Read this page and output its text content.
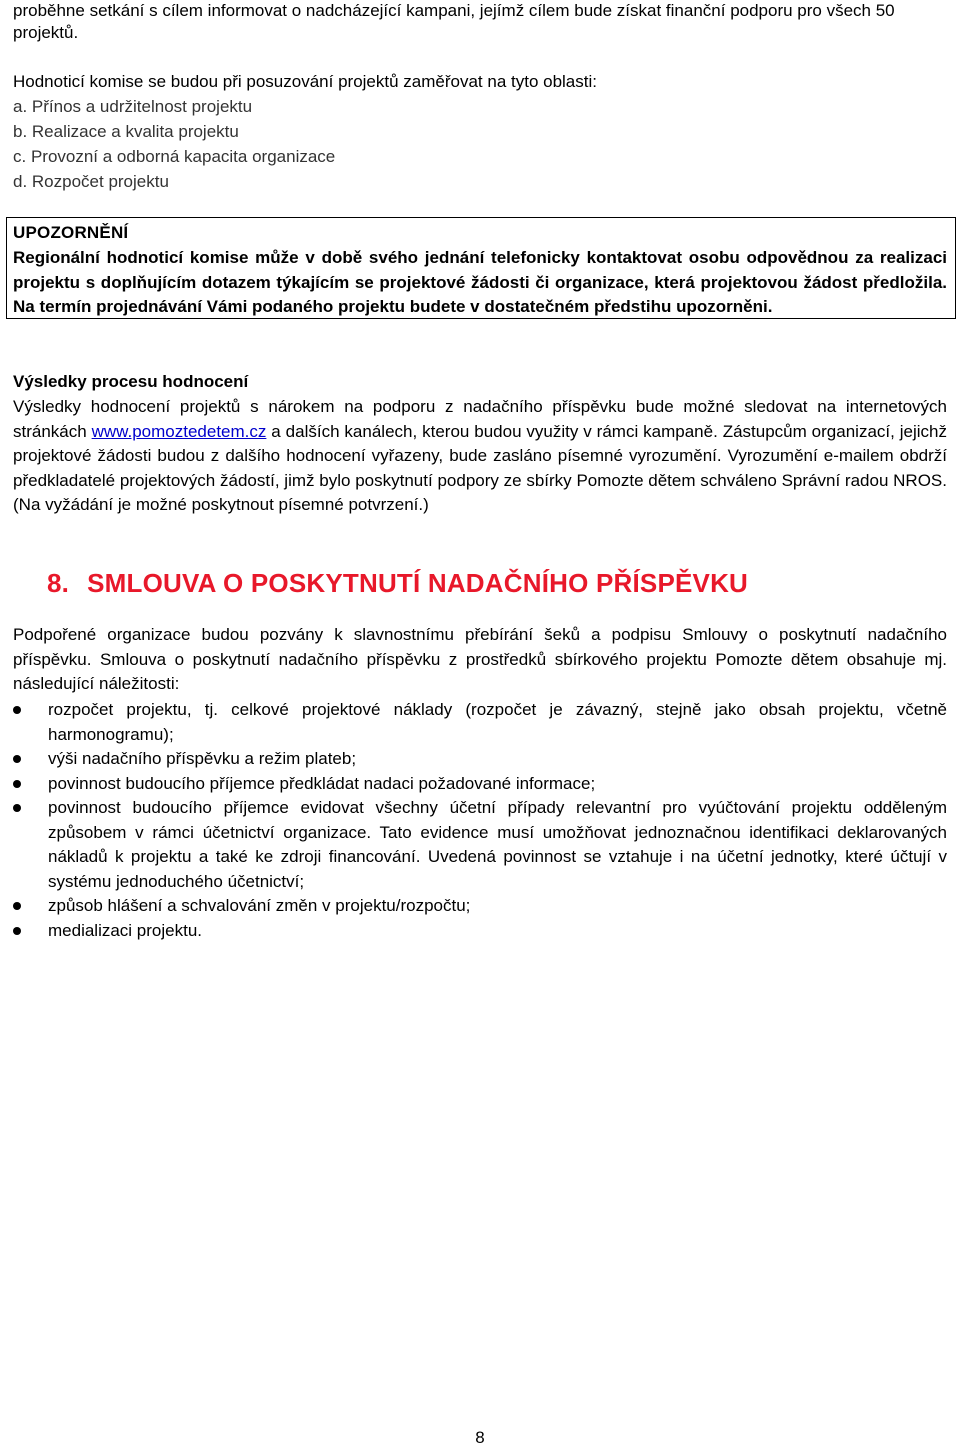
proběhne setkání s cílem informovat o nadcházející kampani, jejímž cílem bude získat finanční podporu pro všech 50
projektů.
Hodnoticí komise se budou při posuzování projektů zaměřovat na tyto oblasti:
a. Přínos a udržitelnost projektu
b. Realizace a kvalita projektu
c. Provozní a odborná kapacita organizace
d. Rozpočet projektu
UPOZORNĚNÍ
Regionální hodnoticí komise může v době svého jednání telefonicky kontaktovat osobu odpovědnou za realizaci projektu s doplňujícím dotazem týkajícím se projektové žádosti či organizace, která projektovou žádost předložila. Na termín projednávání Vámi podaného projektu budete v dostatečném předstihu upozorněni.
Výsledky procesu hodnocení
Výsledky hodnocení projektů s nárokem na podporu z nadačního příspěvku bude možné sledovat na internetových stránkách www.pomoztedetem.cz a dalších kanálech, kterou budou využity v rámci kampaně. Zástupcům organizací, jejichž projektové žádosti budou z dalšího hodnocení vyřazeny, bude zasláno písemné vyrozumění. Vyrozumění e-mailem obdrží předkladatelé projektových žádostí, jimž bylo poskytnutí podpory ze sbírky Pomozte dětem schváleno Správní radou NROS. (Na vyžádání je možné poskytnout písemné potvrzení.)
8. SMLOUVA O POSKYTNUTÍ NADAČNÍHO PŘÍSPĚVKU
Podpořené organizace budou pozvány k slavnostnímu přebírání šeků a podpisu Smlouvy o poskytnutí nadačního příspěvku. Smlouva o poskytnutí nadačního příspěvku z prostředků sbírkového projektu Pomozte dětem obsahuje mj. následující náležitosti:
rozpočet projektu, tj. celkové projektové náklady (rozpočet je závazný, stejně jako obsah projektu, včetně harmonogramu);
výši nadačního příspěvku a režim plateb;
povinnost budoucího příjemce předkládat nadaci požadované informace;
povinnost budoucího příjemce evidovat všechny účetní případy relevantní pro vyúčtování projektu odděleným způsobem v rámci účetnictví organizace. Tato evidence musí umožňovat jednoznačnou identifikaci deklarovaných nákladů k projektu a také ke zdroji financování. Uvedená povinnost se vztahuje i na účetní jednotky, které účtují v systému jednoduchého účetnictví;
způsob hlášení a schvalování změn v projektu/rozpočtu;
medializaci projektu.
8
